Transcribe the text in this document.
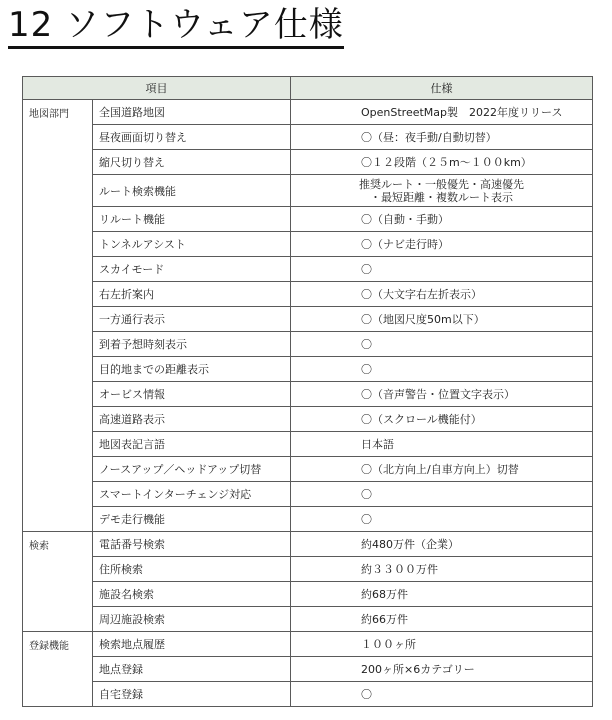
12 ソフトウェア仕様
項目		仕様
地図部門	全国道路地図	OpenStreetMap製　2022年度リリース
	昼夜画面切り替え	〇（昼：夜手動/自動切替）
	縮尺切り替え	〇１２段階（２５m〜１００km）
	ルート検索機能	推奨ルート・一般優先・高速優先
・最短距離・複数ルート表示

	リルート機能	〇（自動・手動）
	トンネルアシスト	〇（ナビ走行時）
	スカイモード	〇
	右左折案内	〇（大文字右左折表示）
	一方通行表示	〇（地図尺度50m以下）
	到着予想時刻表示	〇
	目的地までの距離表示	〇
	オービス情報	〇（音声警告・位置文字表示）
	高速道路表示	〇（スクロール機能付）
	地図表記言語	日本語
	ノースアップ／ヘッドアップ切替	〇（北方向上/自車方向上）切替
	スマートインターチェンジ対応	〇
	デモ走行機能	〇
検索	電話番号検索	約480万件（企業）
	住所検索	約３３００万件
	施設名検索	約68万件
	周辺施設検索	約66万件
登録機能	検索地点履歴	１００ヶ所
	地点登録	200ヶ所×6カテゴリー
	自宅登録	〇
